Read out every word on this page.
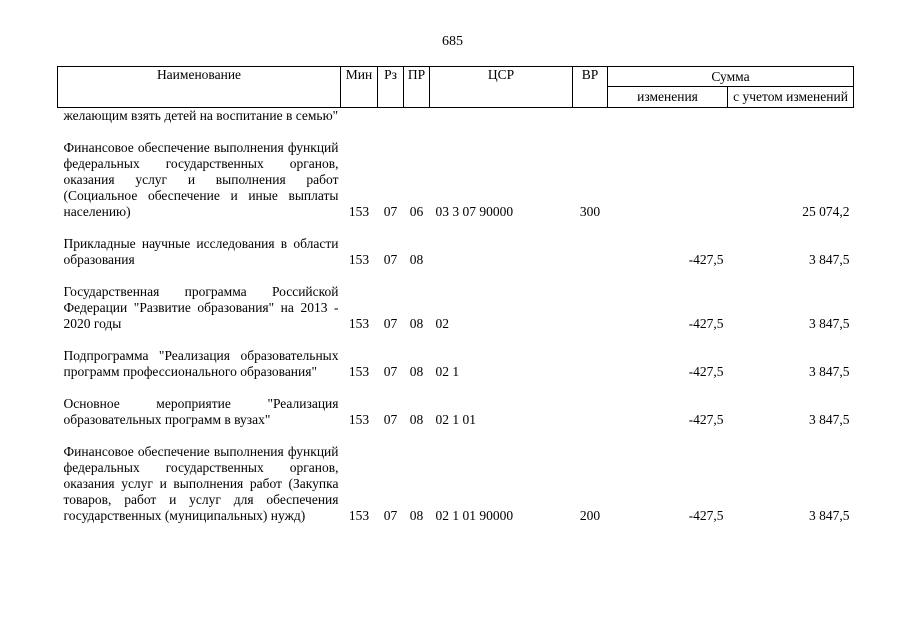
685
Наименование	Мин	Рз	ПР	ЦСР	ВР	Сумма	
						изменения	с учетом изменений
желающим взять детей на воспитание в семью"							

Финансовое обеспечение выполнения функций федеральных государственных органов, оказания услуг и выполнения работ (Социальное обеспечение и иные выплаты населению)	153	07	06	03 3 07 90000	300		25 074,2

Прикладные научные исследования в области образования	153	07	08			-427,5	3 847,5

Государственная программа Российской Федерации "Развитие образования" на 2013 - 2020 годы	153	07	08	02		-427,5	3 847,5

Подпрограмма "Реализация образовательных программ профессионального образования"	153	07	08	02 1		-427,5	3 847,5

Основное мероприятие "Реализация образовательных программ в вузах"	153	07	08	02 1 01		-427,5	3 847,5

Финансовое обеспечение выполнения функций федеральных государственных органов, оказания услуг и выполнения работ (Закупка товаров, работ и услуг для обеспечения государственных (муниципальных) нужд)	153	07	08	02 1 01 90000	200	-427,5	3 847,5
